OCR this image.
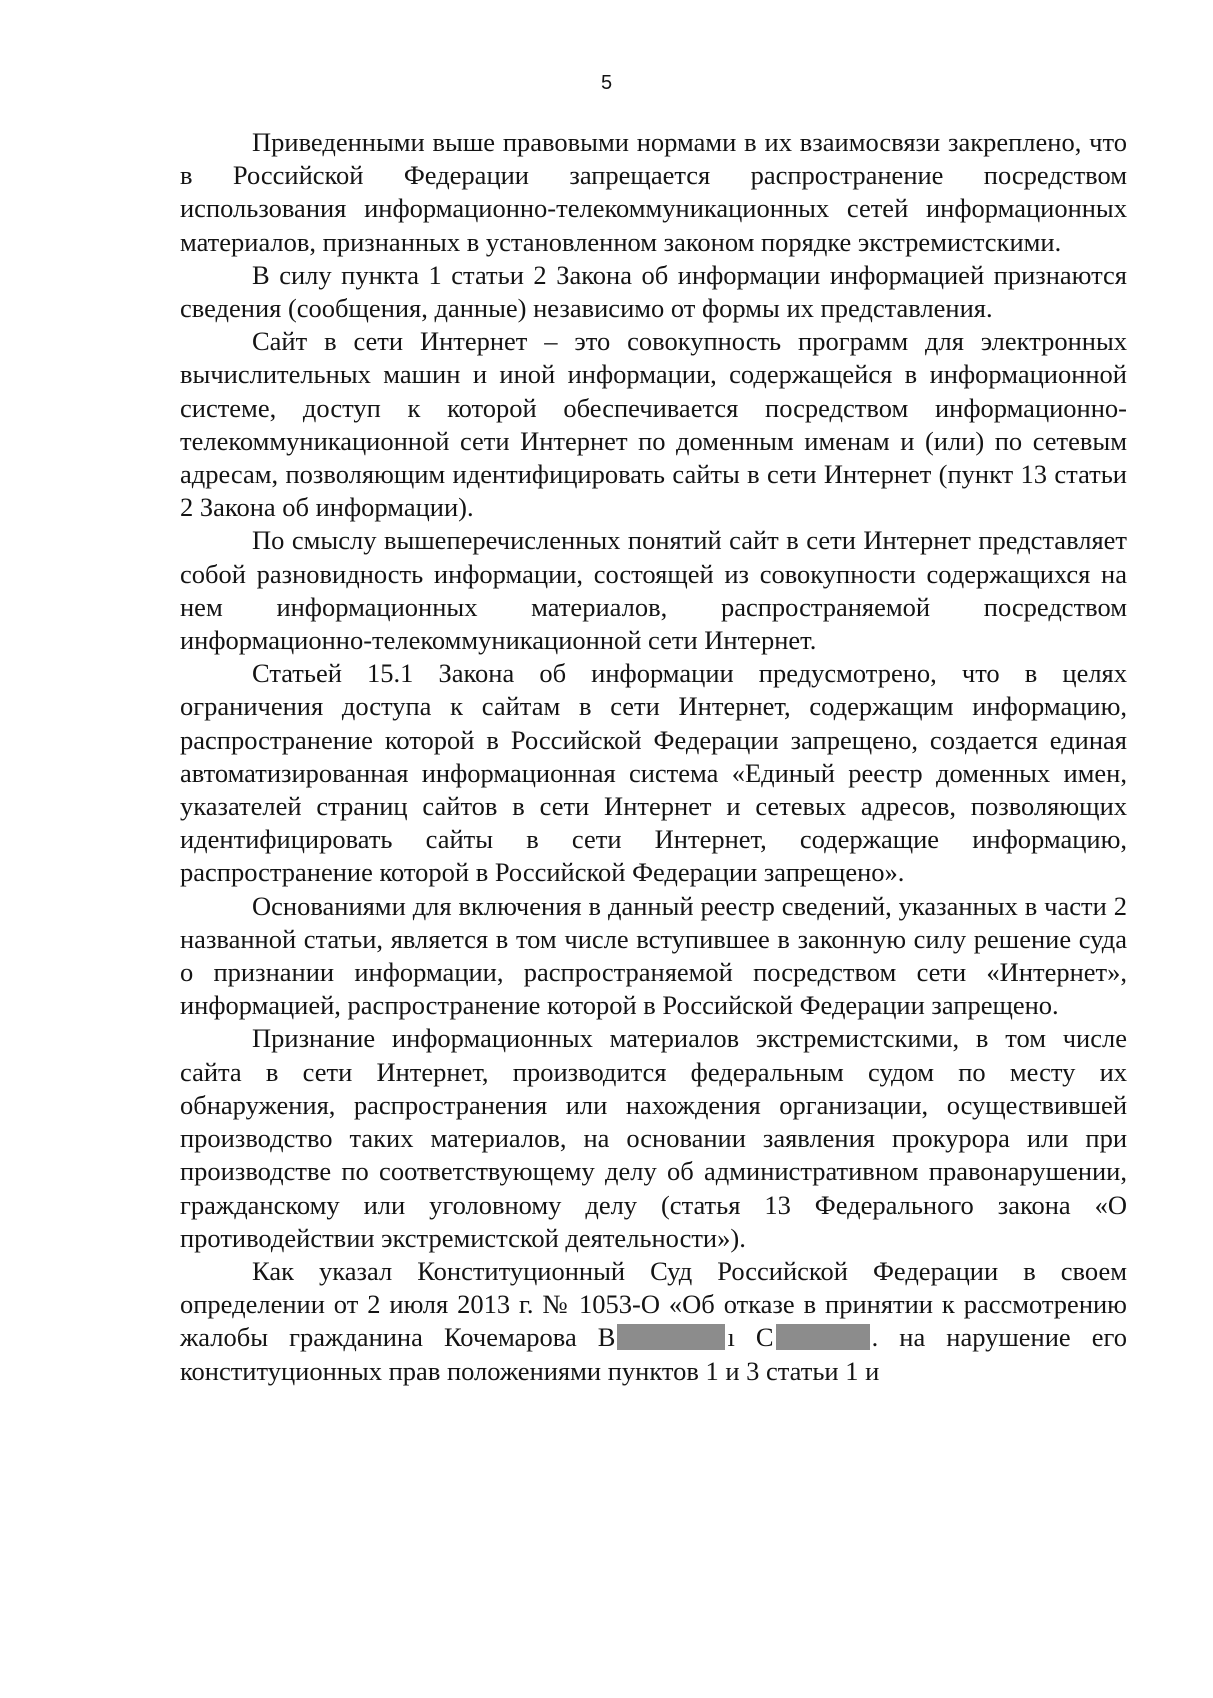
5

Приведенными выше правовыми нормами в их взаимосвязи закреплено, что в Российской Федерации запрещается распространение посредством использования информационно-телекоммуникационных сетей информационных материалов, признанных в установленном законом порядке экстремистскими.

В силу пункта 1 статьи 2 Закона об информации информацией признаются сведения (сообщения, данные) независимо от формы их представления.

Сайт в сети Интернет – это совокупность программ для электронных вычислительных машин и иной информации, содержащейся в информационной системе, доступ к которой обеспечивается посредством информационно-телекоммуникационной сети Интернет по доменным именам и (или) по сетевым адресам, позволяющим идентифицировать сайты в сети Интернет (пункт 13 статьи 2 Закона об информации).

По смыслу вышеперечисленных понятий сайт в сети Интернет представляет собой разновидность информации, состоящей из совокупности содержащихся на нем информационных материалов, распространяемой посредством информационно-телекоммуникационной сети Интернет.

Статьей 15.1 Закона об информации предусмотрено, что в целях ограничения доступа к сайтам в сети Интернет, содержащим информацию, распространение которой в Российской Федерации запрещено, создается единая автоматизированная информационная система «Единый реестр доменных имен, указателей страниц сайтов в сети Интернет и сетевых адресов, позволяющих идентифицировать сайты в сети Интернет, содержащие информацию, распространение которой в Российской Федерации запрещено».

Основаниями для включения в данный реестр сведений, указанных в части 2 названной статьи, является в том числе вступившее в законную силу решение суда о признании информации, распространяемой посредством сети «Интернет», информацией, распространение которой в Российской Федерации запрещено.

Признание информационных материалов экстремистскими, в том числе сайта в сети Интернет, производится федеральным судом по месту их обнаружения, распространения или нахождения организации, осуществившей производство таких материалов, на основании заявления прокурора или при производстве по соответствующему делу об административном правонарушении, гражданскому или уголовному делу (статья 13 Федерального закона «О противодействии экстремистской деятельности»).

Как указал Конституционный Суд Российской Федерации в своем определении от 2 июля 2013 г. № 1053-О «Об отказе в принятии к рассмотрению жалобы гражданина Кочемарова В	ı С	. на нарушение его конституционных прав положениями пунктов 1 и 3 статьи 1 и
